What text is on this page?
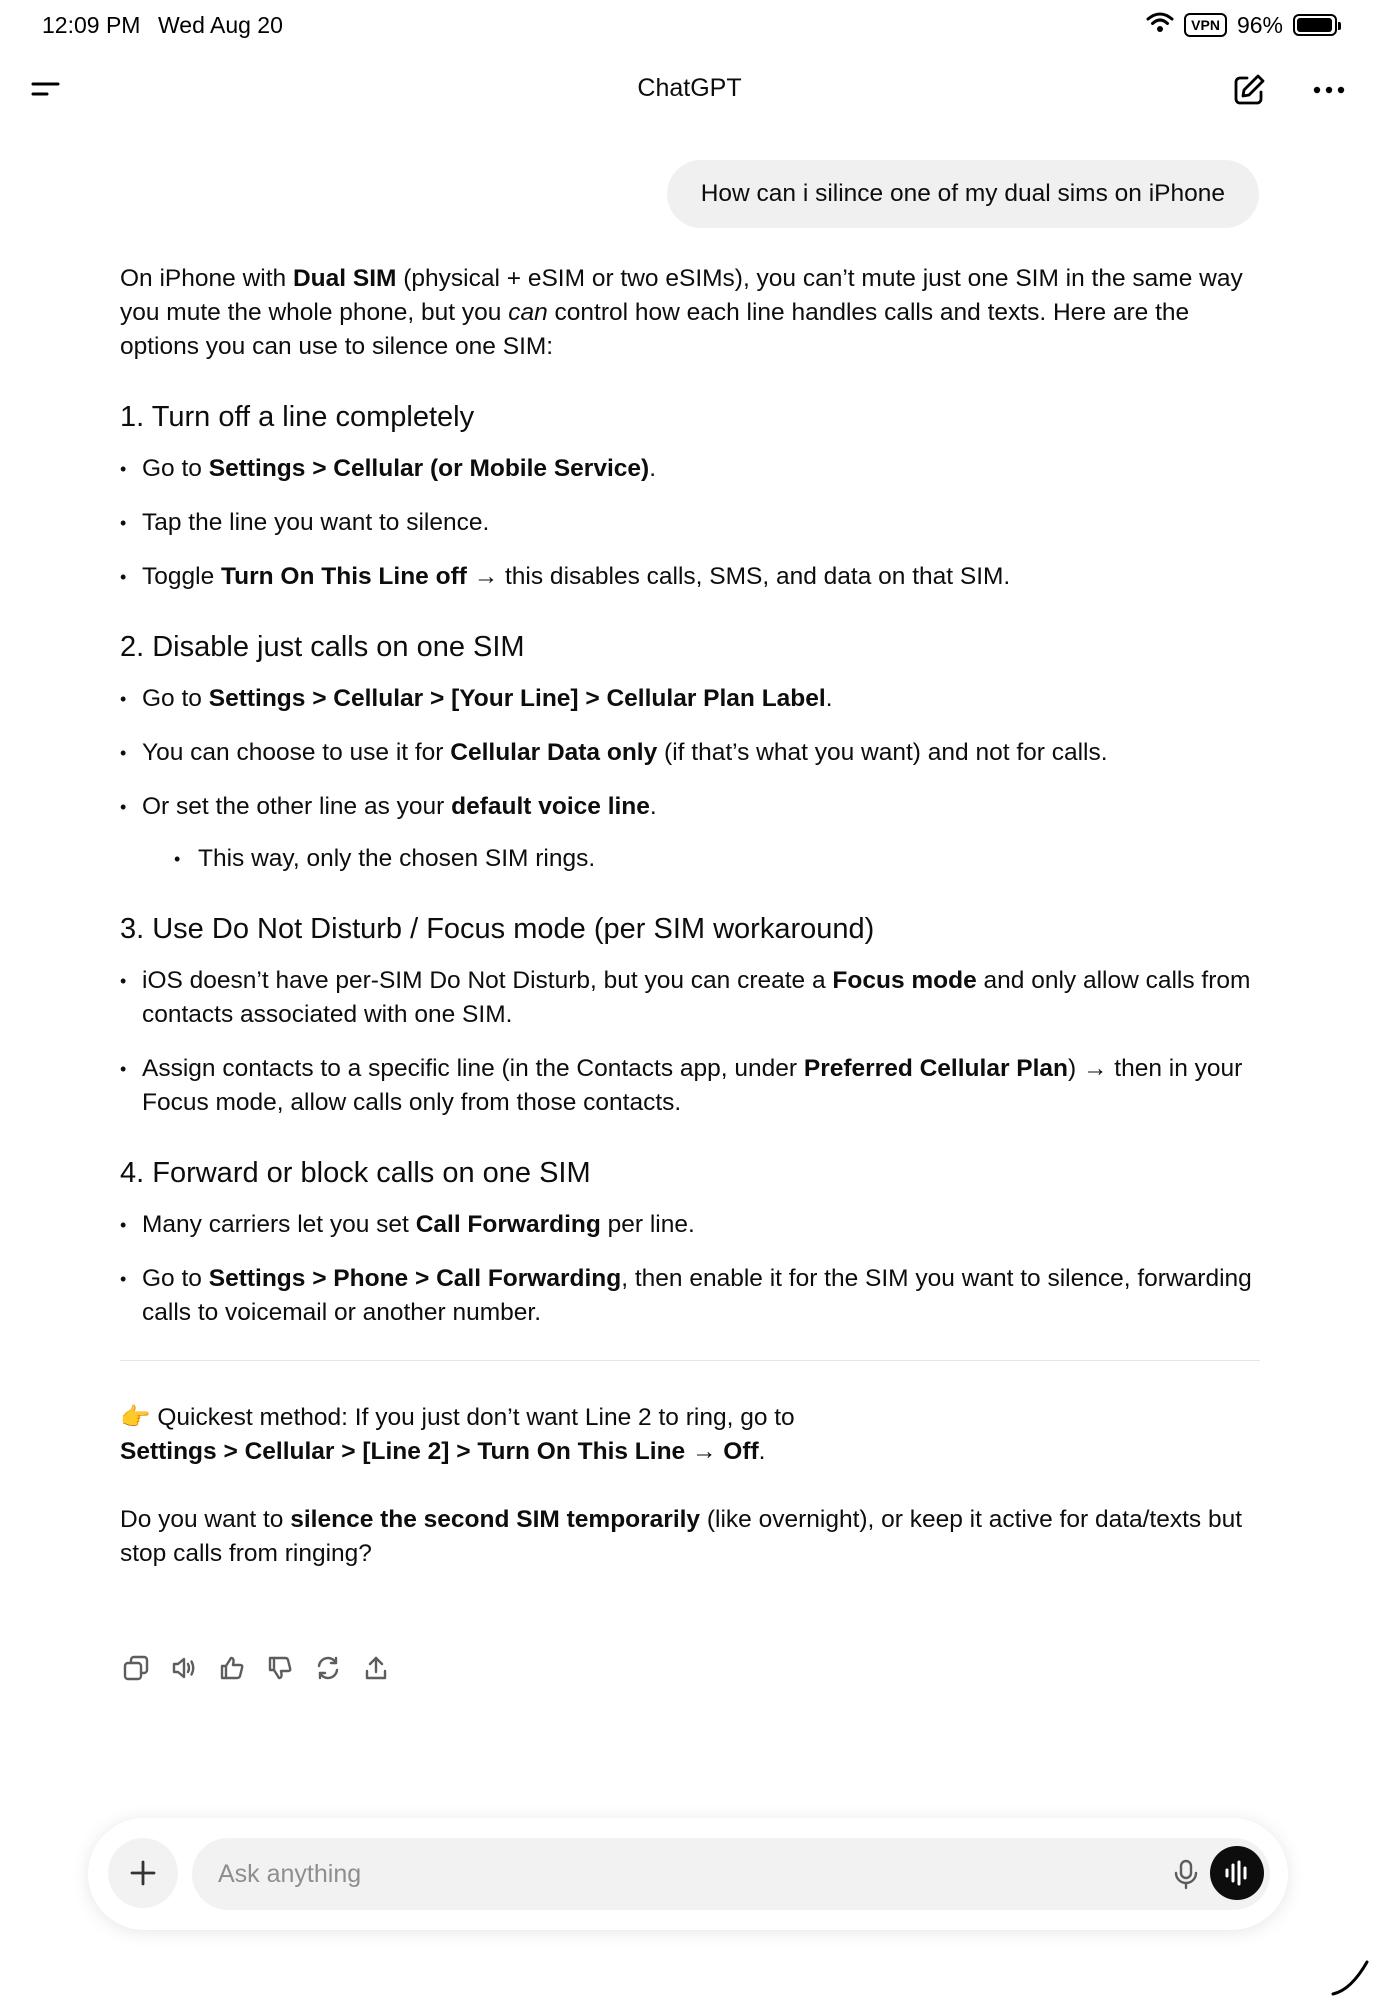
12:09 PM Wed Aug 20	VPN 96%
ChatGPT
How can i silince one of my dual sims on iPhone

On iPhone with Dual SIM (physical + eSIM or two eSIMs), you can’t mute just one SIM in the same way you mute the whole phone, but you can control how each line handles calls and texts. Here are the options you can use to silence one SIM:

1. Turn off a line completely
• Go to Settings > Cellular (or Mobile Service).
• Tap the line you want to silence.
• Toggle Turn On This Line off → this disables calls, SMS, and data on that SIM.
2. Disable just calls on one SIM
• Go to Settings > Cellular > [Your Line] > Cellular Plan Label.
• You can choose to use it for Cellular Data only (if that’s what you want) and not for calls.
• Or set the other line as your default voice line.
• This way, only the chosen SIM rings.
3. Use Do Not Disturb / Focus mode (per SIM workaround)
• iOS doesn’t have per-SIM Do Not Disturb, but you can create a Focus mode and only allow calls from contacts associated with one SIM.
• Assign contacts to a specific line (in the Contacts app, under Preferred Cellular Plan) → then in your Focus mode, allow calls only from those contacts.
4. Forward or block calls on one SIM
• Many carriers let you set Call Forwarding per line.
• Go to Settings > Phone > Call Forwarding, then enable it for the SIM you want to silence, forwarding calls to voicemail or another number.

👉 Quickest method: If you just don’t want Line 2 to ring, go to
Settings > Cellular > [Line 2] > Turn On This Line → Off.

Do you want to silence the second SIM temporarily (like overnight), or keep it active for data/texts but stop calls from ringing?

Ask anything
